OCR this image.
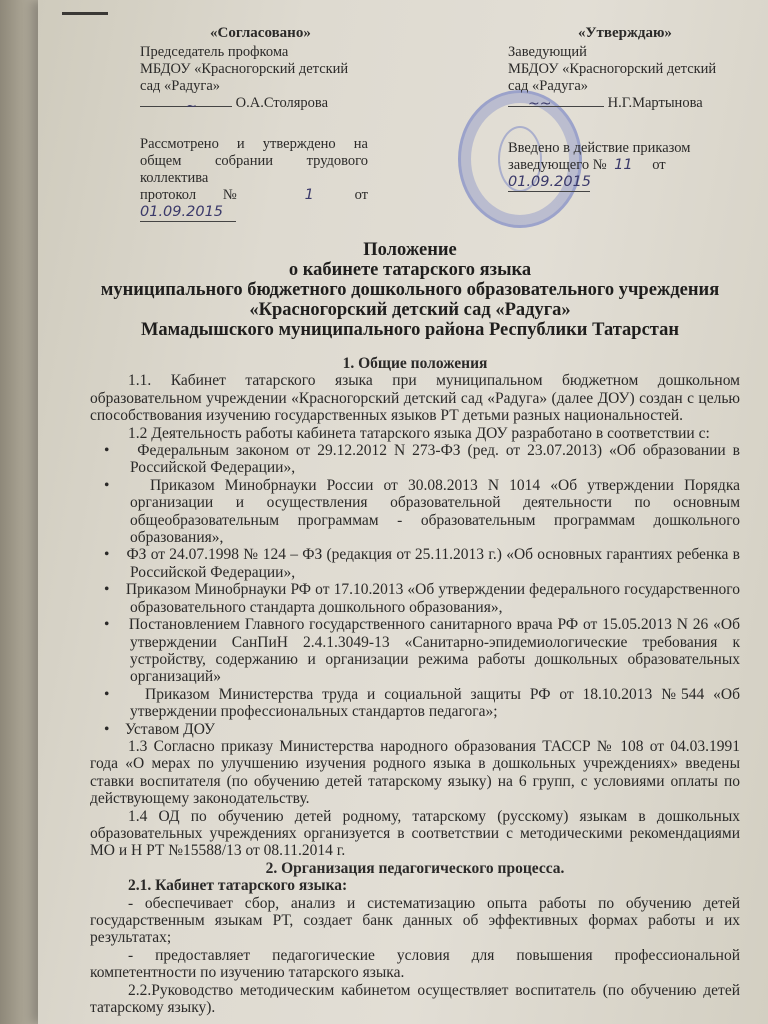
«Согласовано»
Председатель профкома
МБДОУ «Красногорский детский
сад «Радуга»
~	О.А.Столярова
Рассмотрено и утверждено на
общем собрании трудового
коллектива
протокол №	1	от 01.09.2015
«Утверждаю»
Заведующий
МБДОУ «Красногорский детский
сад «Радуга»
~~	Н.Г.Мартынова
Введено в действие приказом
заведующего № 11 от 01.09.2015
Положение
о кабинете татарского языка
муниципального бюджетного дошкольного образовательного учреждения
«Красногорский детский сад «Радуга»
Мамадышского муниципального района Республики Татарстан

1. Общие положения

1.1. Кабинет татарского языка при муниципальном бюджетном дошкольном образовательном учреждении «Красногорский детский сад «Радуга» (далее ДОУ) создан с целью способствования изучению государственных языков РТ детьми разных национальностей.

1.2 Деятельность работы кабинета татарского языка ДОУ разработано в соответствии с:

•    Федеральным законом от 29.12.2012 N 273-ФЗ (ред. от 23.07.2013) «Об образовании в Российской Федерации»,

•    Приказом Минобрнауки России от 30.08.2013 N 1014 «Об утверждении Порядка организации и осуществления образовательной деятельности по основным общеобразовательным программам - образовательным программам дошкольного образования»,

•    ФЗ от 24.07.1998 № 124 – ФЗ (редакция от 25.11.2013 г.) «Об основных гарантиях ребенка в Российской Федерации»,

•    Приказом Минобрнауки РФ от 17.10.2013 «Об утверждении федерального государственного образовательного стандарта дошкольного образования»,

•    Постановлением Главного государственного санитарного врача РФ от 15.05.2013 N 26 «Об утверждении СанПиН 2.4.1.3049-13 «Санитарно-эпидемиологические требования к устройству, содержанию и организации режима работы дошкольных образовательных организаций»

•    Приказом Министерства труда и социальной защиты РФ от 18.10.2013 №544 «Об утверждении профессиональных стандартов педагога»;

•    Уставом ДОУ

1.3 Согласно приказу Министерства народного образования ТАССР № 108 от 04.03.1991 года «О мерах по улучшению изучения родного языка в дошкольных учреждениях» введены ставки воспитателя (по обучению детей татарскому языку) на 6 групп, с условиями оплаты по действующему законодательству.

1.4 ОД по обучению детей родному, татарскому (русскому) языкам в дошкольных образовательных учреждениях организуется в соответствии с методическими рекомендациями МО и Н РТ №15588/13 от 08.11.2014 г.

2. Организация педагогического процесса.

2.1. Кабинет татарского языка:

- обеспечивает сбор, анализ и систематизацию опыта работы по обучению детей государственным языкам РТ, создает банк данных об эффективных формах работы и их результатах;

- предоставляет педагогические условия для повышения профессиональной компетентности по изучению татарского языка.

2.2.Руководство методическим кабинетом осуществляет воспитатель (по обучению детей татарскому языку).
